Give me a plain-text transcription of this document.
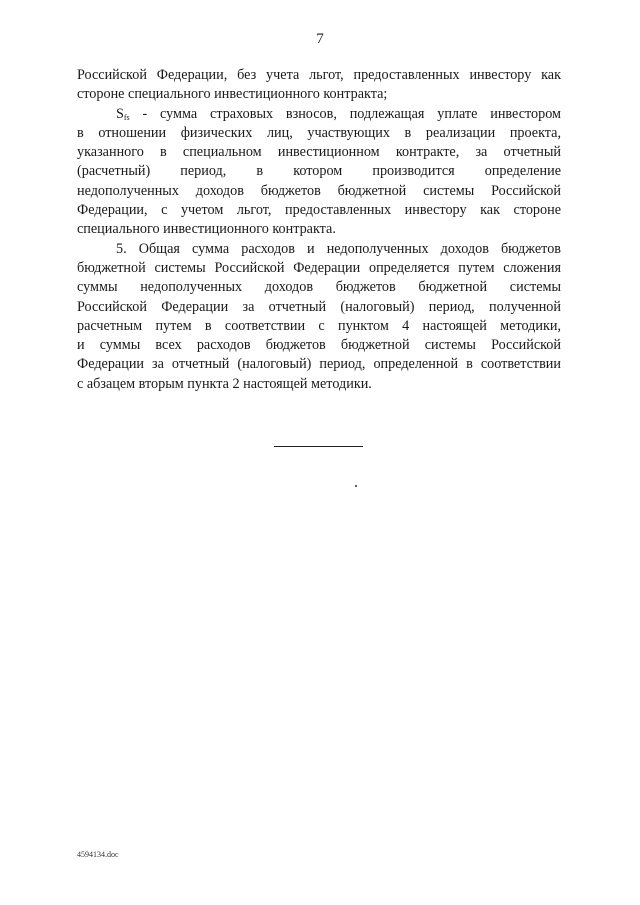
7

Российской Федерации, без учета льгот, предоставленных инвестору как
стороне специального инвестиционного контракта;

$S_{fs}$ - сумма страховых взносов, подлежащая уплате инвестором
в отношении физических лиц, участвующих в реализации проекта,
указанного в специальном инвестиционном контракте, за отчетный
(расчетный) период, в котором производится определение
недополученных доходов бюджетов бюджетной системы Российской
Федерации, с учетом льгот, предоставленных инвестору как стороне
специального инвестиционного контракта.

5. Общая сумма расходов и недополученных доходов бюджетов
бюджетной системы Российской Федерации определяется путем сложения
суммы недополученных доходов бюджетов бюджетной системы
Российской Федерации за отчетный (налоговый) период, полученной
расчетным путем в соответствии с пунктом 4 настоящей методики,
и суммы всех расходов бюджетов бюджетной системы Российской
Федерации за отчетный (налоговый) период, определенной в соответствии
с абзацем вторым пункта 2 настоящей методики.

4594134.doc
